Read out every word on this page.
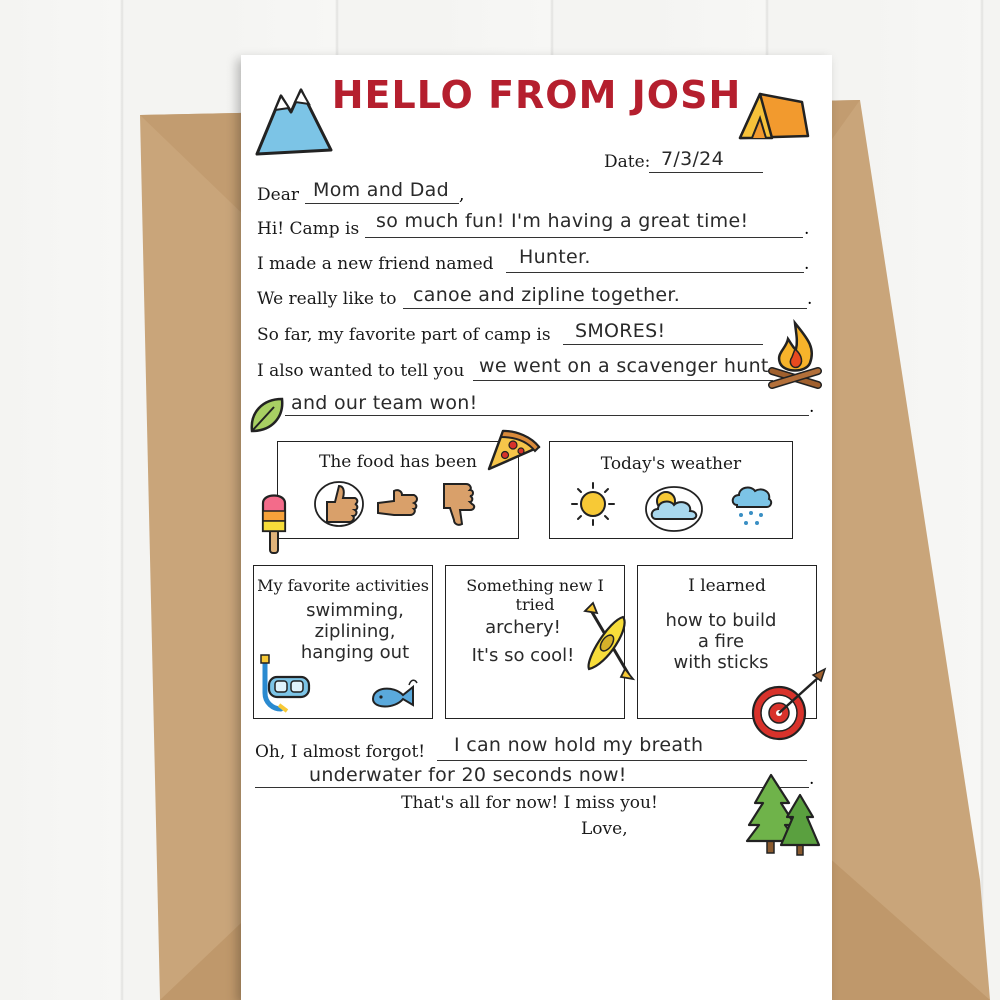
HELLO FROM JOSH
Date: 7/3/24
Dear Mom and Dad ,
Hi! Camp is so much fun! I'm having a great time!	.
I made a new friend named Hunter.	.
We really like to canoe and zipline together.	.
So far, my favorite part of camp is SMORES!
I also wanted to tell you we went on a scavenger hunt
and our team won!	.
The food has been	Today's weather
My favorite activities
swimming,
ziplining,
hanging out
Something new I tried
archery!
It's so cool!
I learned
how to build
a fire
with sticks
Oh, I almost forgot! I can now hold my breath
underwater for 20 seconds now!	.
That's all for now! I miss you!
Love,
